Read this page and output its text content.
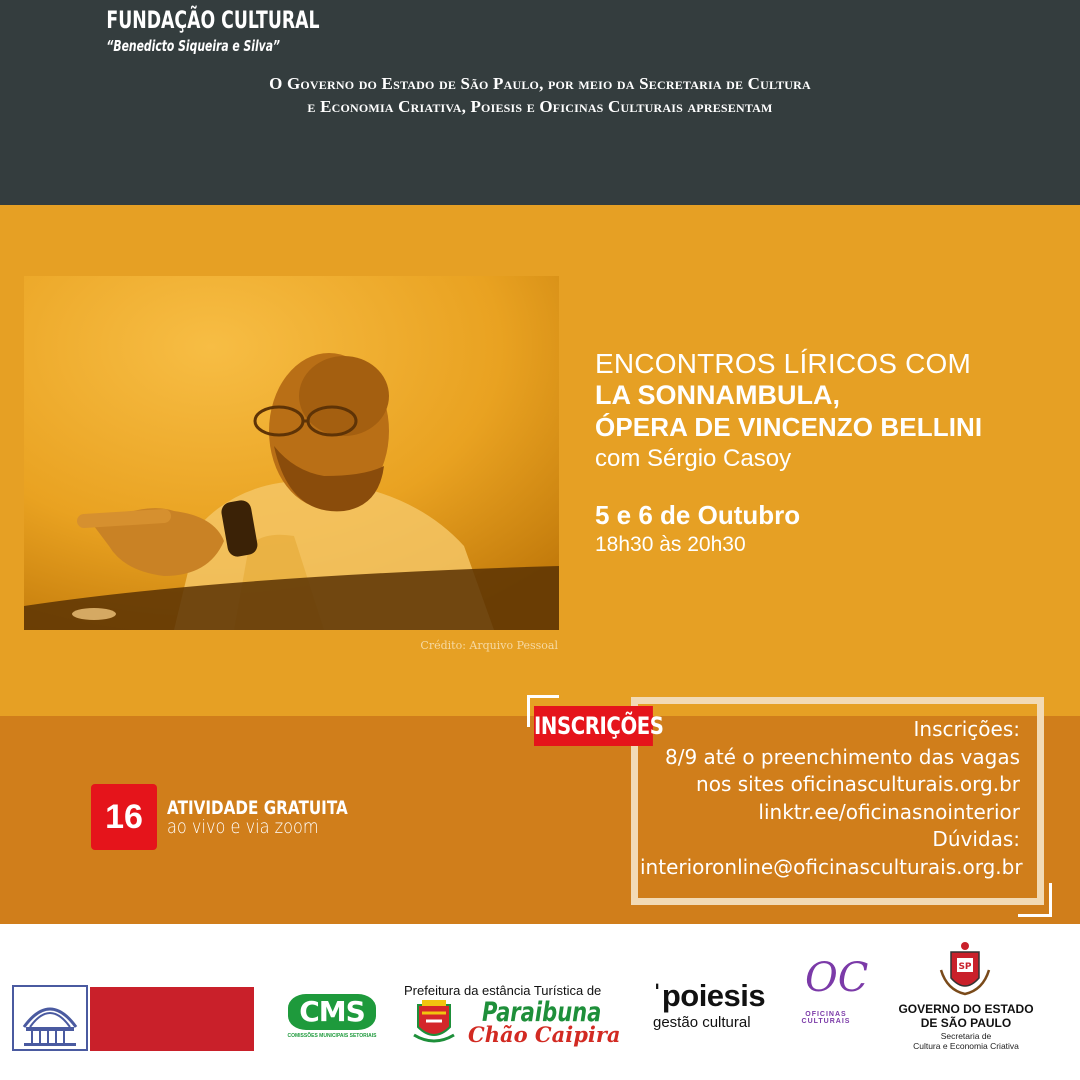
O Governo do Estado de São Paulo, por meio da Secretaria de Cultura
e Economia Criativa, Poiesis e Oficinas Culturais apresentam
Crédito: Arquivo Pessoal
ENCONTROS LÍRICOS COM
LA SONNAMBULA,
ÓPERA DE VINCENZO BELLINI
com Sérgio Casoy
5 e 6 de Outubro
18h30 às 20h30
INSCRIÇÕES	Inscrições:
8/9 até o preenchimento das vagas
nos sites oficinasculturais.org.br
linktr.ee/oficinasnointerior
Dúvidas:
interioronline@oficinasculturais.org.br
16	ATIVIDADE GRATUITA
ao vivo e via zoom
FUNDAÇÃO CULTURAL
“Benedicto Siqueira e Silva”
CMS
COMISSÕES MUNICIPAIS SETORIAIS
Prefeitura da estância Turística de
Paraibuna
Chão Caipira
ˈpoiesis
gestão cultural
OC
OFICINAS CULTURAIS
SP
GOVERNO DO ESTADO
DE SÃO PAULO
Secretaria de
Cultura e Economia Criativa
